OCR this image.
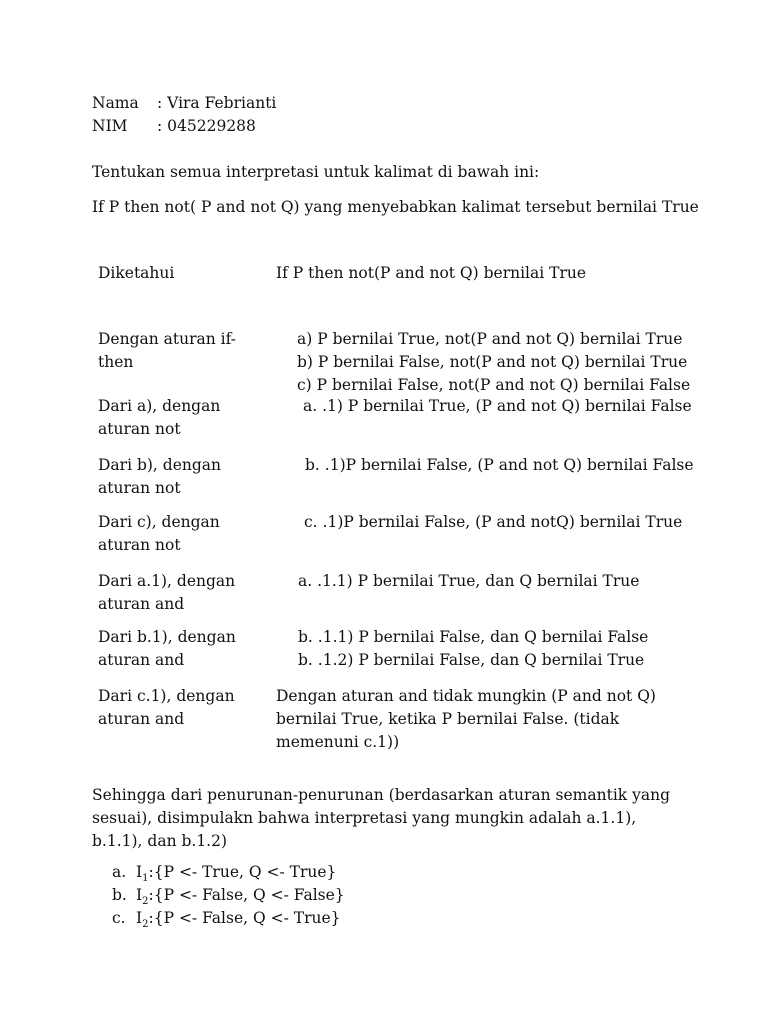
Nama : Vira Febrianti
NIM : 045229288
Tentukan semua interpretasi untuk kalimat di bawah ini:
If P then not( P and not Q) yang menyebabkan kalimat tersebut bernilai True
Diketahui	If P then not(P and not Q) bernilai True
Dengan aturan if-then
a) P bernilai True, not(P and not Q) bernilai True
b) P bernilai False, not(P and not Q) bernilai True
c) P bernilai False, not(P and not Q) bernilai False
Dari a), dengan aturan not
a. .1) P bernilai True, (P and not Q) bernilai False
Dari b), dengan aturan not
b. .1)P bernilai False, (P and not Q) bernilai False
Dari c), dengan aturan not
c. .1)P bernilai False, (P and notQ) bernilai True
Dari a.1), dengan aturan and
a. .1.1) P bernilai True, dan Q bernilai True
Dari b.1), dengan aturan and
b. .1.1) P bernilai False, dan Q bernilai False
b. .1.2) P bernilai False, dan Q bernilai True
Dari c.1), dengan aturan and
Dengan aturan and tidak mungkin (P and not Q) bernilai True, ketika P bernilai False. (tidak memenuni c.1))
Sehingga dari penurunan-penurunan (berdasarkan aturan semantik yang sesuai), disimpulakn bahwa interpretasi yang mungkin adalah a.1.1), b.1.1), dan b.1.2)
a. $I_1:\{P$ <- True, Q <- True}
b. $I_2:\{P$ <- False, Q <- False}
c. $I_2:\{P$ <- False, Q <- True}
